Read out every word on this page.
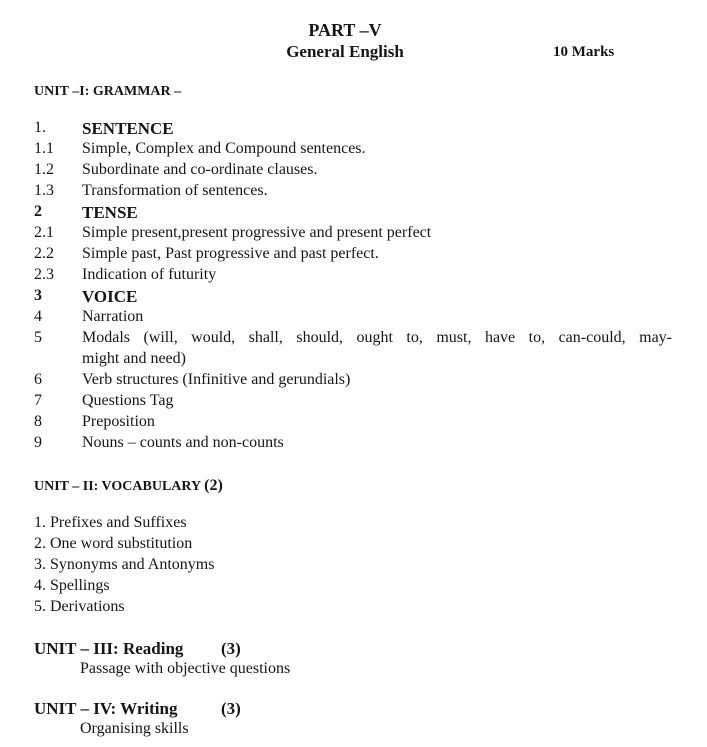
PART –V
General English	10 Marks
UNIT –I: GRAMMAR –
1. SENTENCE
1.1 Simple, Complex and Compound sentences.
1.2 Subordinate and co-ordinate clauses.
1.3 Transformation of sentences.
2 TENSE
2.1 Simple present,present progressive and present perfect
2.2 Simple past, Past progressive and past perfect.
2.3 Indication of futurity
3 VOICE
4	Narration
5	Modals (will, would, shall, should, ought to, must, have to, can-could, may-
might and need)
6	Verb structures (Infinitive and gerundials)
7	Questions Tag
8	Preposition
9	Nouns – counts and non-counts
UNIT – II: VOCABULARY (2)
1. Prefixes and Suffixes
2. One word substitution
3. Synonyms and Antonyms
4. Spellings
5. Derivations
UNIT – III: Reading (3)
Passage with objective questions
UNIT – IV: Writing	(3)
Organising skills
